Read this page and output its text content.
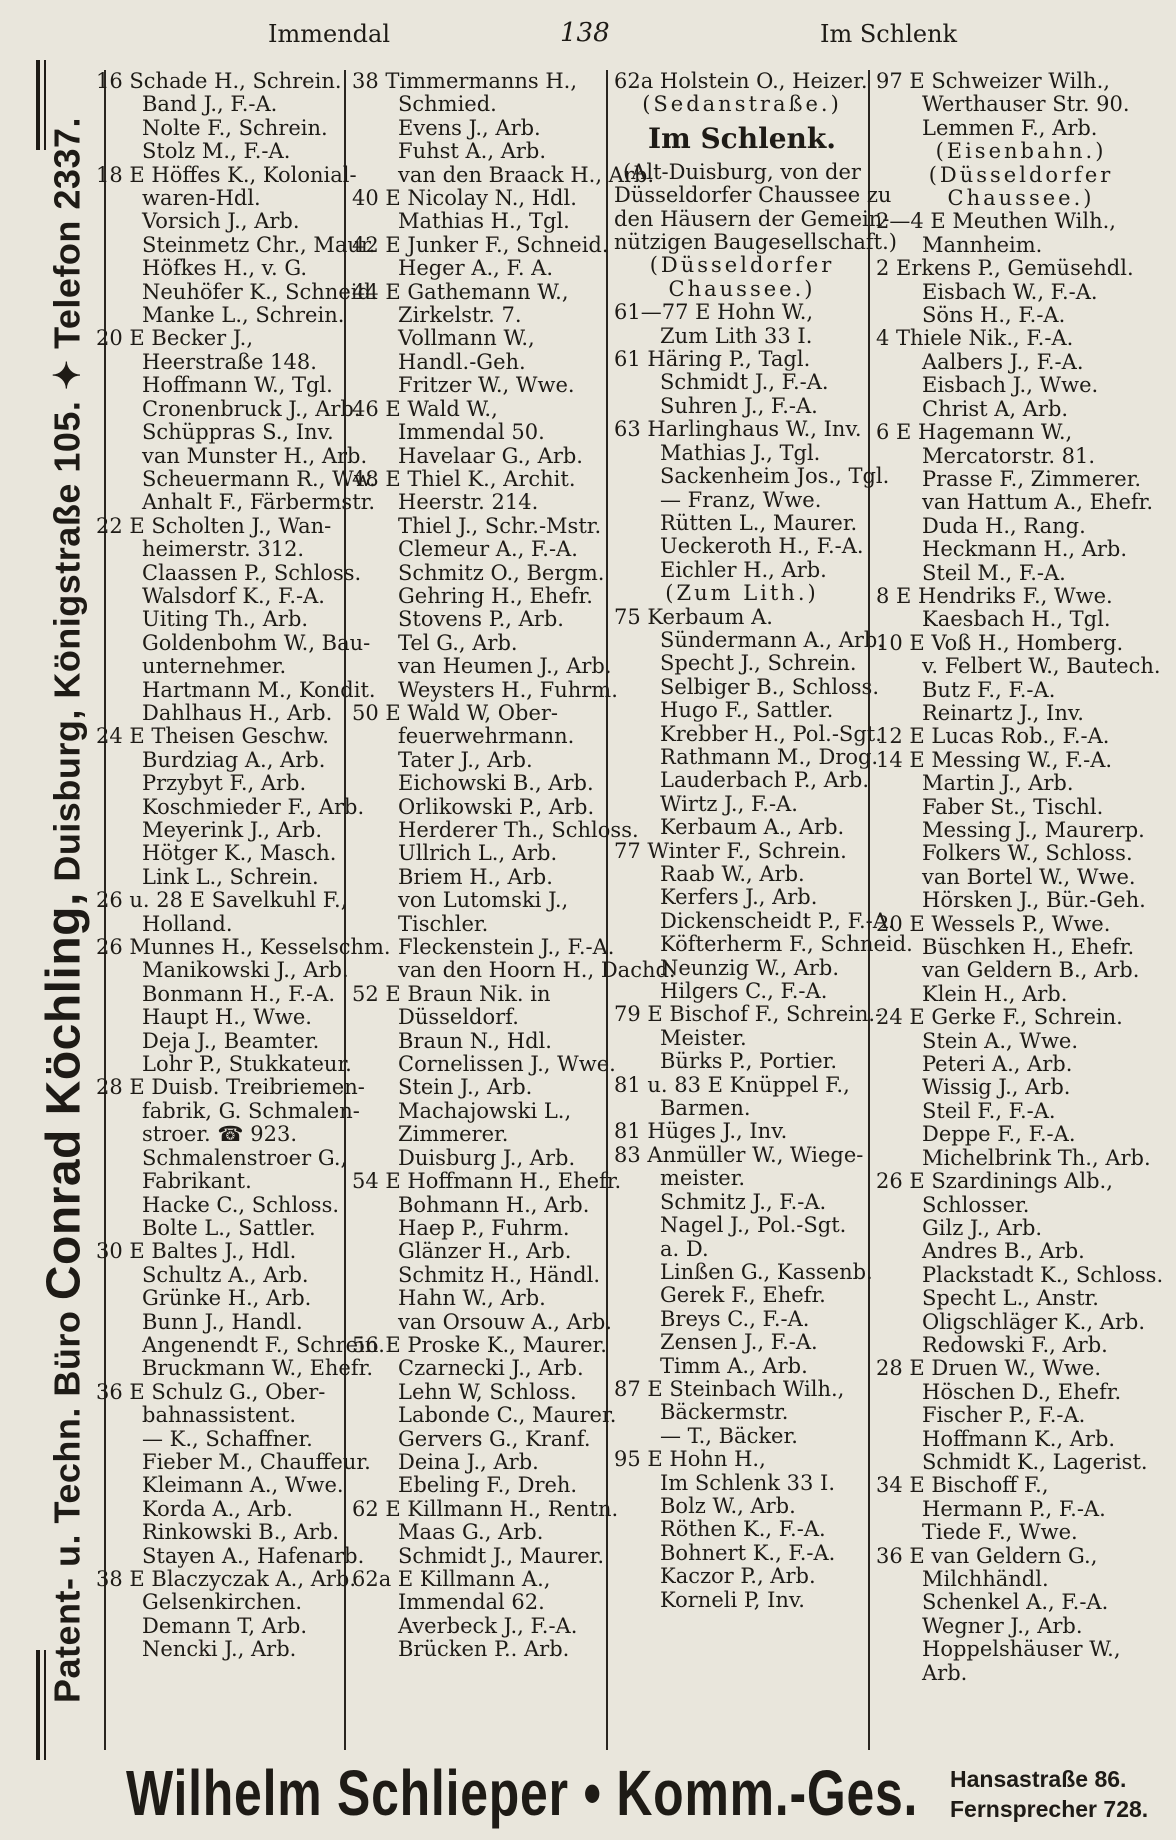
Immendal	138	Im Schlenk
Patent- u. Techn. Büro Conrad Köchling, Duisburg, Königstraße 105. ✦ Telefon 2337.
16 Schade H., Schrein.
Band J., F.-A.
Nolte F., Schrein.
Stolz M., F.-A.
18 E Höffes K., Kolonial-
waren-Hdl.
Vorsich J., Arb.
Steinmetz Chr., Maur.
Höfkes H., v. G.
Neuhöfer K., Schneid.
Manke L., Schrein.
20 E Becker J.,
Heerstraße 148.
Hoffmann W., Tgl.
Cronenbruck J., Arb.
Schüppras S., Inv.
van Munster H., Arb.
Scheuermann R., Ww.
Anhalt F., Färbermstr.
22 E Scholten J., Wan-
heimerstr. 312.
Claassen P., Schloss.
Walsdorf K., F.-A.
Uiting Th., Arb.
Goldenbohm W., Bau-
unternehmer.
Hartmann M., Kondit.
Dahlhaus H., Arb.
24 E Theisen Geschw.
Burdziag A., Arb.
Przybyt F., Arb.
Koschmieder F., Arb.
Meyerink J., Arb.
Hötger K., Masch.
Link L., Schrein.
26 u. 28 E Savelkuhl F.,
Holland.
26 Munnes H., Kesselschm.
Manikowski J., Arb.
Bonmann H., F.-A.
Haupt H., Wwe.
Deja J., Beamter.
Lohr P., Stukkateur.
28 E Duisb. Treibriemen-
fabrik, G. Schmalen-
stroer. ☎ 923.
Schmalenstroer G.,
Fabrikant.
Hacke C., Schloss.
Bolte L., Sattler.
30 E Baltes J., Hdl.
Schultz A., Arb.
Grünke H., Arb.
Bunn J., Handl.
Angenendt F., Schrein.
Bruckmann W., Ehefr.
36 E Schulz G., Ober-
bahnassistent.
— K., Schaffner.
Fieber M., Chauffeur.
Kleimann A., Wwe.
Korda A., Arb.
Rinkowski B., Arb.
Stayen A., Hafenarb.
38 E Blaczyczak A., Arb.
Gelsenkirchen.
Demann T, Arb.
Nencki J., Arb.
38 Timmermanns H.,
Schmied.
Evens J., Arb.
Fuhst A., Arb.
van den Braack H., Arb.
40 E Nicolay N., Hdl.
Mathias H., Tgl.
42 E Junker F., Schneid.
Heger A., F. A.
44 E Gathemann W.,
Zirkelstr. 7.
Vollmann W.,
Handl.-Geh.
Fritzer W., Wwe.
46 E Wald W.,
Immendal 50.
Havelaar G., Arb.
48 E Thiel K., Archit.
Heerstr. 214.
Thiel J., Schr.-Mstr.
Clemeur A., F.-A.
Schmitz O., Bergm.
Gehring H., Ehefr.
Stovens P., Arb.
Tel G., Arb.
van Heumen J., Arb.
Weysters H., Fuhrm.
50 E Wald W, Ober-
feuerwehrmann.
Tater J., Arb.
Eichowski B., Arb.
Orlikowski P., Arb.
Herderer Th., Schloss.
Ullrich L., Arb.
Briem H., Arb.
von Lutomski J.,
Tischler.
Fleckenstein J., F.-A.
van den Hoorn H., Dachd.
52 E Braun Nik. in
Düsseldorf.
Braun N., Hdl.
Cornelissen J., Wwe.
Stein J., Arb.
Machajowski L.,
Zimmerer.
Duisburg J., Arb.
54 E Hoffmann H., Ehefr.
Bohmann H., Arb.
Haep P., Fuhrm.
Glänzer H., Arb.
Schmitz H., Händl.
Hahn W., Arb.
van Orsouw A., Arb.
56 E Proske K., Maurer.
Czarnecki J., Arb.
Lehn W, Schloss.
Labonde C., Maurer.
Gervers G., Kranf.
Deina J., Arb.
Ebeling F., Dreh.
62 E Killmann H., Rentn.
Maas G., Arb.
Schmidt J., Maurer.
62a E Killmann A.,
Immendal 62.
Averbeck J., F.-A.
Brücken P.. Arb.
62a Holstein O., Heizer.
(Sedanstraße.)
Im Schlenk.
(Alt-Duisburg, von der
Düsseldorfer Chaussee zu
den Häusern der Gemein-
nützigen Baugesellschaft.)
(Düsseldorfer
Chaussee.)
61—77 E Hohn W.,
Zum Lith 33 I.
61 Häring P., Tagl.
Schmidt J., F.-A.
Suhren J., F.-A.
63 Harlinghaus W., Inv.
Mathias J., Tgl.
Sackenheim Jos., Tgl.
— Franz, Wwe.
Rütten L., Maurer.
Ueckeroth H., F.-A.
Eichler H., Arb.
(Zum Lith.)
75 Kerbaum A.
Sündermann A., Arb.
Specht J., Schrein.
Selbiger B., Schloss.
Hugo F., Sattler.
Krebber H., Pol.-Sgt.
Rathmann M., Drog.
Lauderbach P., Arb.
Wirtz J., F.-A.
Kerbaum A., Arb.
77 Winter F., Schrein.
Raab W., Arb.
Kerfers J., Arb.
Dickenscheidt P., F.-A.
Köfterherm F., Schneid.
Neunzig W., Arb.
Hilgers C., F.-A.
79 E Bischof F., Schrein.-
Meister.
Bürks P., Portier.
81 u. 83 E Knüppel F.,
Barmen.
81 Hüges J., Inv.
83 Anmüller W., Wiege-
meister.
Schmitz J., F.-A.
Nagel J., Pol.-Sgt.
a. D.
Linßen G., Kassenb.
Gerek F., Ehefr.
Breys C., F.-A.
Zensen J., F.-A.
Timm A., Arb.
87 E Steinbach Wilh.,
Bäckermstr.
— T., Bäcker.
95 E Hohn H.,
Im Schlenk 33 I.
Bolz W., Arb.
Röthen K., F.-A.
Bohnert K., F.-A.
Kaczor P., Arb.
Korneli P, Inv.
97 E Schweizer Wilh.,
Werthauser Str. 90.
Lemmen F., Arb.
(Eisenbahn.)
(Düsseldorfer
Chaussee.)
2—4 E Meuthen Wilh.,
Mannheim.
2 Erkens P., Gemüsehdl.
Eisbach W., F.-A.
Söns H., F.-A.
4 Thiele Nik., F.-A.
Aalbers J., F.-A.
Eisbach J., Wwe.
Christ A, Arb.
6 E Hagemann W.,
Mercatorstr. 81.
Prasse F., Zimmerer.
van Hattum A., Ehefr.
Duda H., Rang.
Heckmann H., Arb.
Steil M., F.-A.
8 E Hendriks F., Wwe.
Kaesbach H., Tgl.
10 E Voß H., Homberg.
v. Felbert W., Bautech.
Butz F., F.-A.
Reinartz J., Inv.
12 E Lucas Rob., F.-A.
14 E Messing W., F.-A.
Martin J., Arb.
Faber St., Tischl.
Messing J., Maurerp.
Folkers W., Schloss.
van Bortel W., Wwe.
Hörsken J., Bür.-Geh.
20 E Wessels P., Wwe.
Büschken H., Ehefr.
van Geldern B., Arb.
Klein H., Arb.
24 E Gerke F., Schrein.
Stein A., Wwe.
Peteri A., Arb.
Wissig J., Arb.
Steil F., F.-A.
Deppe F., F.-A.
Michelbrink Th., Arb.
26 E Szardinings Alb.,
Schlosser.
Gilz J., Arb.
Andres B., Arb.
Plackstadt K., Schloss.
Specht L., Anstr.
Oligschläger K., Arb.
Redowski F., Arb.
28 E Druen W., Wwe.
Höschen D., Ehefr.
Fischer P., F.-A.
Hoffmann K., Arb.
Schmidt K., Lagerist.
34 E Bischoff F.,
Hermann P., F.-A.
Tiede F., Wwe.
36 E van Geldern G.,
Milchhändl.
Schenkel A., F.-A.
Wegner J., Arb.
Hoppelshäuser W.,
Arb.
Wilhelm Schlieper • Komm.-Ges. Hansastraße 86.
Fernsprecher 728.
